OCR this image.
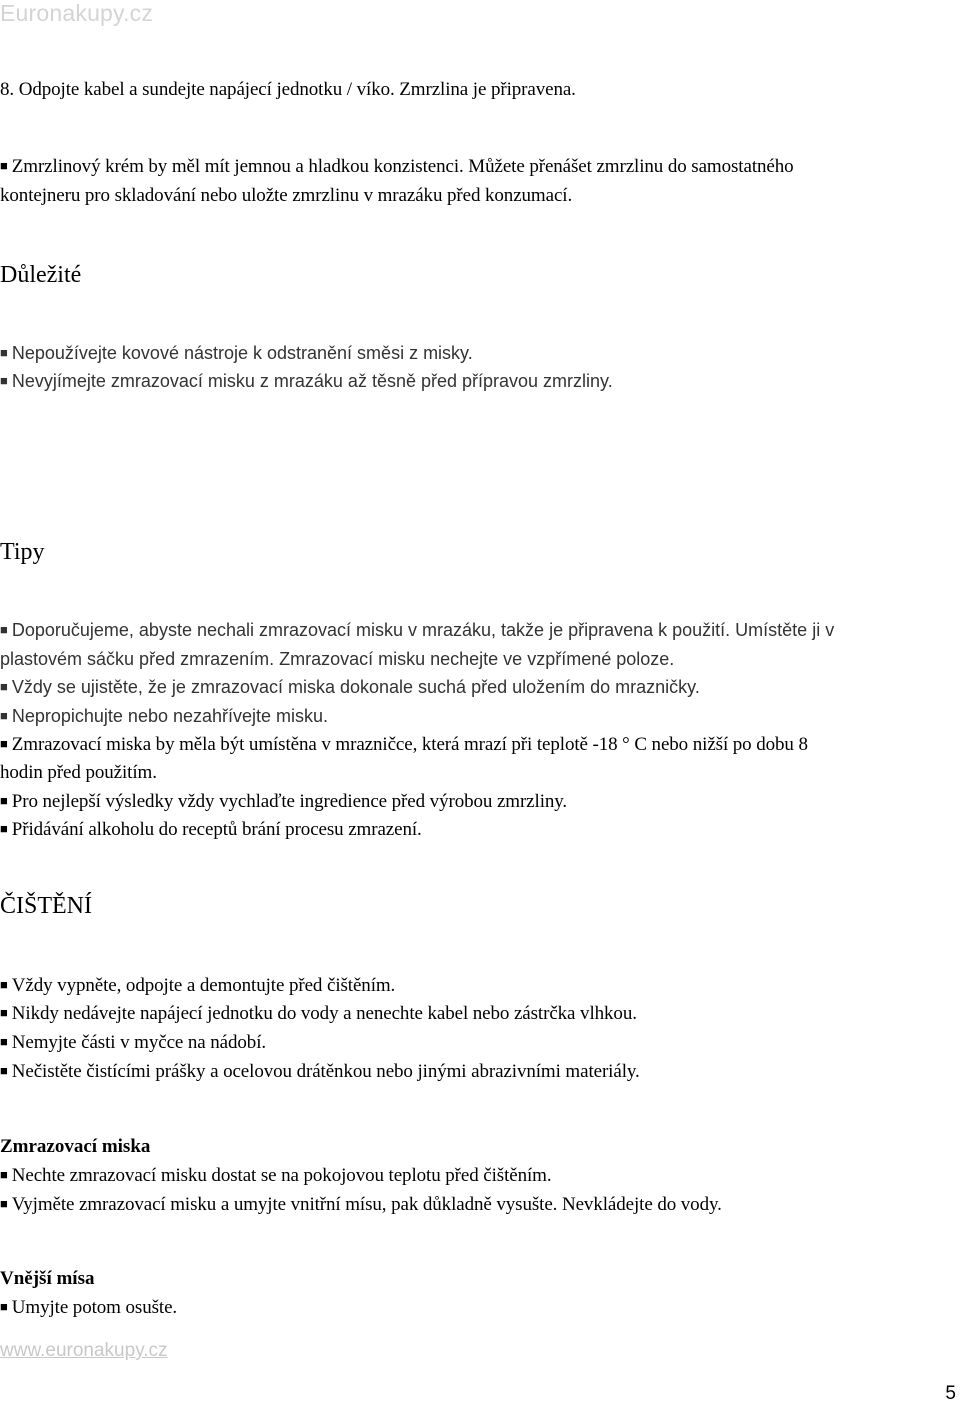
Euronakupy.cz
8. Odpojte kabel a sundejte napájecí jednotku / víko. Zmrzlina je připravena.
■ Zmrzlinový krém by měl mít jemnou a hladkou konzistenci. Můžete přenášet zmrzlinu do samostatného
kontejneru pro skladování nebo uložte zmrzlinu v mrazáku před konzumací.
Důležité
■ Nepoužívejte kovové nástroje k odstranění směsi z misky.
■ Nevyjímejte zmrazovací misku z mrazáku až těsně před přípravou zmrzliny.
Tipy
■ Doporučujeme, abyste nechali zmrazovací misku v mrazáku, takže je připravena k použití. Umístěte ji v
plastovém sáčku před zmrazením. Zmrazovací misku nechejte ve vzpřímené poloze.
■ Vždy se ujistěte, že je zmrazovací miska dokonale suchá před uložením do mrazničky.
■ Nepropichujte nebo nezahřívejte misku.
■ Zmrazovací miska by měla být umístěna v mrazničce, která mrazí při teplotě -18 ° C nebo nižší po dobu 8
hodin před použitím.
■ Pro nejlepší výsledky vždy vychlaďte ingredience před výrobou zmrzliny.
■ Přidávání alkoholu do receptů brání procesu zmrazení.
ČIŠTĚNÍ
■ Vždy vypněte, odpojte a demontujte před čištěním.
■ Nikdy nedávejte napájecí jednotku do vody a nenechte kabel nebo zástrčka vlhkou.
■ Nemyjte části v myčce na nádobí.
■ Nečistěte čistícími prášky a ocelovou drátěnkou nebo jinými abrazivními materiály.
Zmrazovací miska
■ Nechte zmrazovací misku dostat se na pokojovou teplotu před čištěním.
■ Vyjměte zmrazovací misku a umyjte vnitřní mísu, pak důkladně vysušte. Nevkládejte do vody.
Vnější mísa
■ Umyjte potom osušte.
www.euronakupy.cz
5
